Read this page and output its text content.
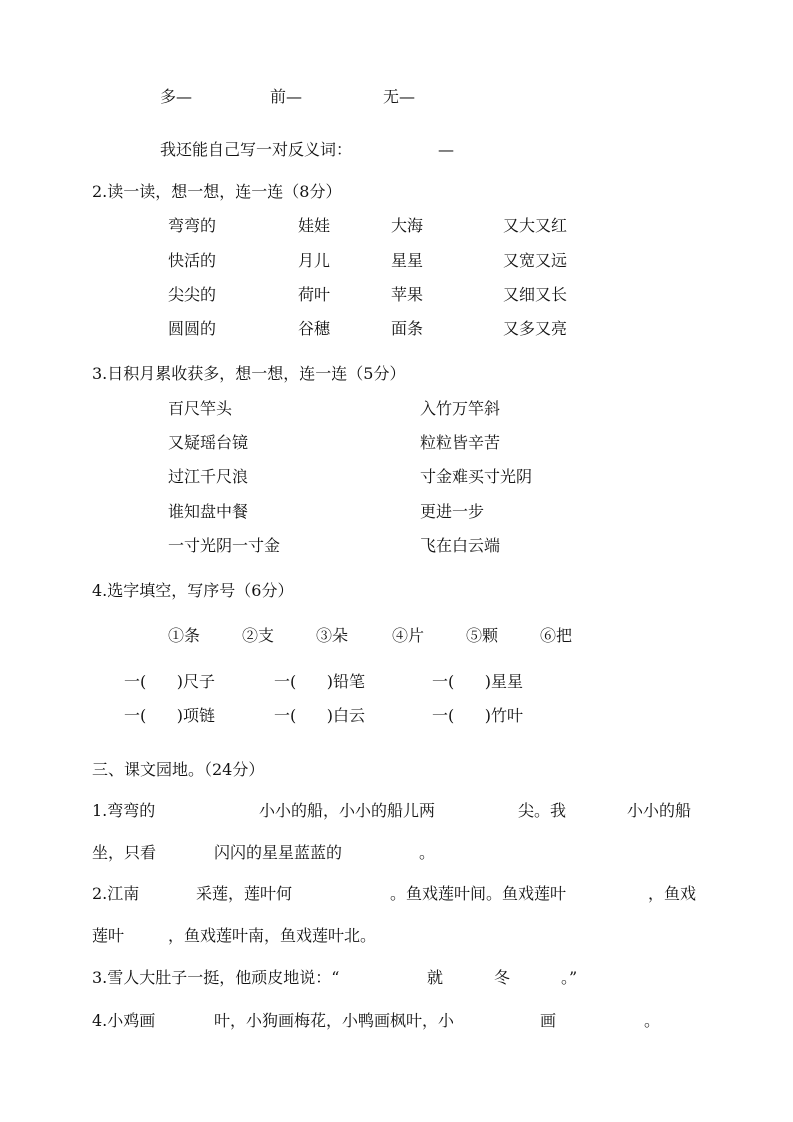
多—	前—	无—
我还能自己写一对反义词：	—
2.读一读，想一想，连一连（8分）
弯弯的	娃娃	大海	又大又红
快活的	月儿	星星	又宽又远
尖尖的	荷叶	苹果	又细又长
圆圆的	谷穗	面条	又多又亮
3.日积月累收获多，想一想，连一连（5分）
百尺竿头	入竹万竿斜
又疑瑶台镜	粒粒皆辛苦
过江千尺浪	寸金难买寸光阴
谁知盘中餐	更进一步
一寸光阴一寸金	飞在白云端
4.选字填空，写序号（6分）
①条	②支	③朵	④片	⑤颗	⑥把
一(      )尺子	一(      )铅笔	一(      )星星
一(      )项链	一(      )白云	一(      )竹叶
三、课文园地。（24分）
1.弯弯的	小小的船，小小的船儿两	尖。我	小小的船
坐，只看	闪闪的星星蓝蓝的	。
2.江南	采莲，莲叶何	。鱼戏莲叶间。鱼戏莲叶	，鱼戏
莲叶	，鱼戏莲叶南，鱼戏莲叶北。
3.雪人大肚子一挺，他顽皮地说：“	就	冬	。”
4.小鸡画	叶，小狗画梅花，小鸭画枫叶，小	画	。
